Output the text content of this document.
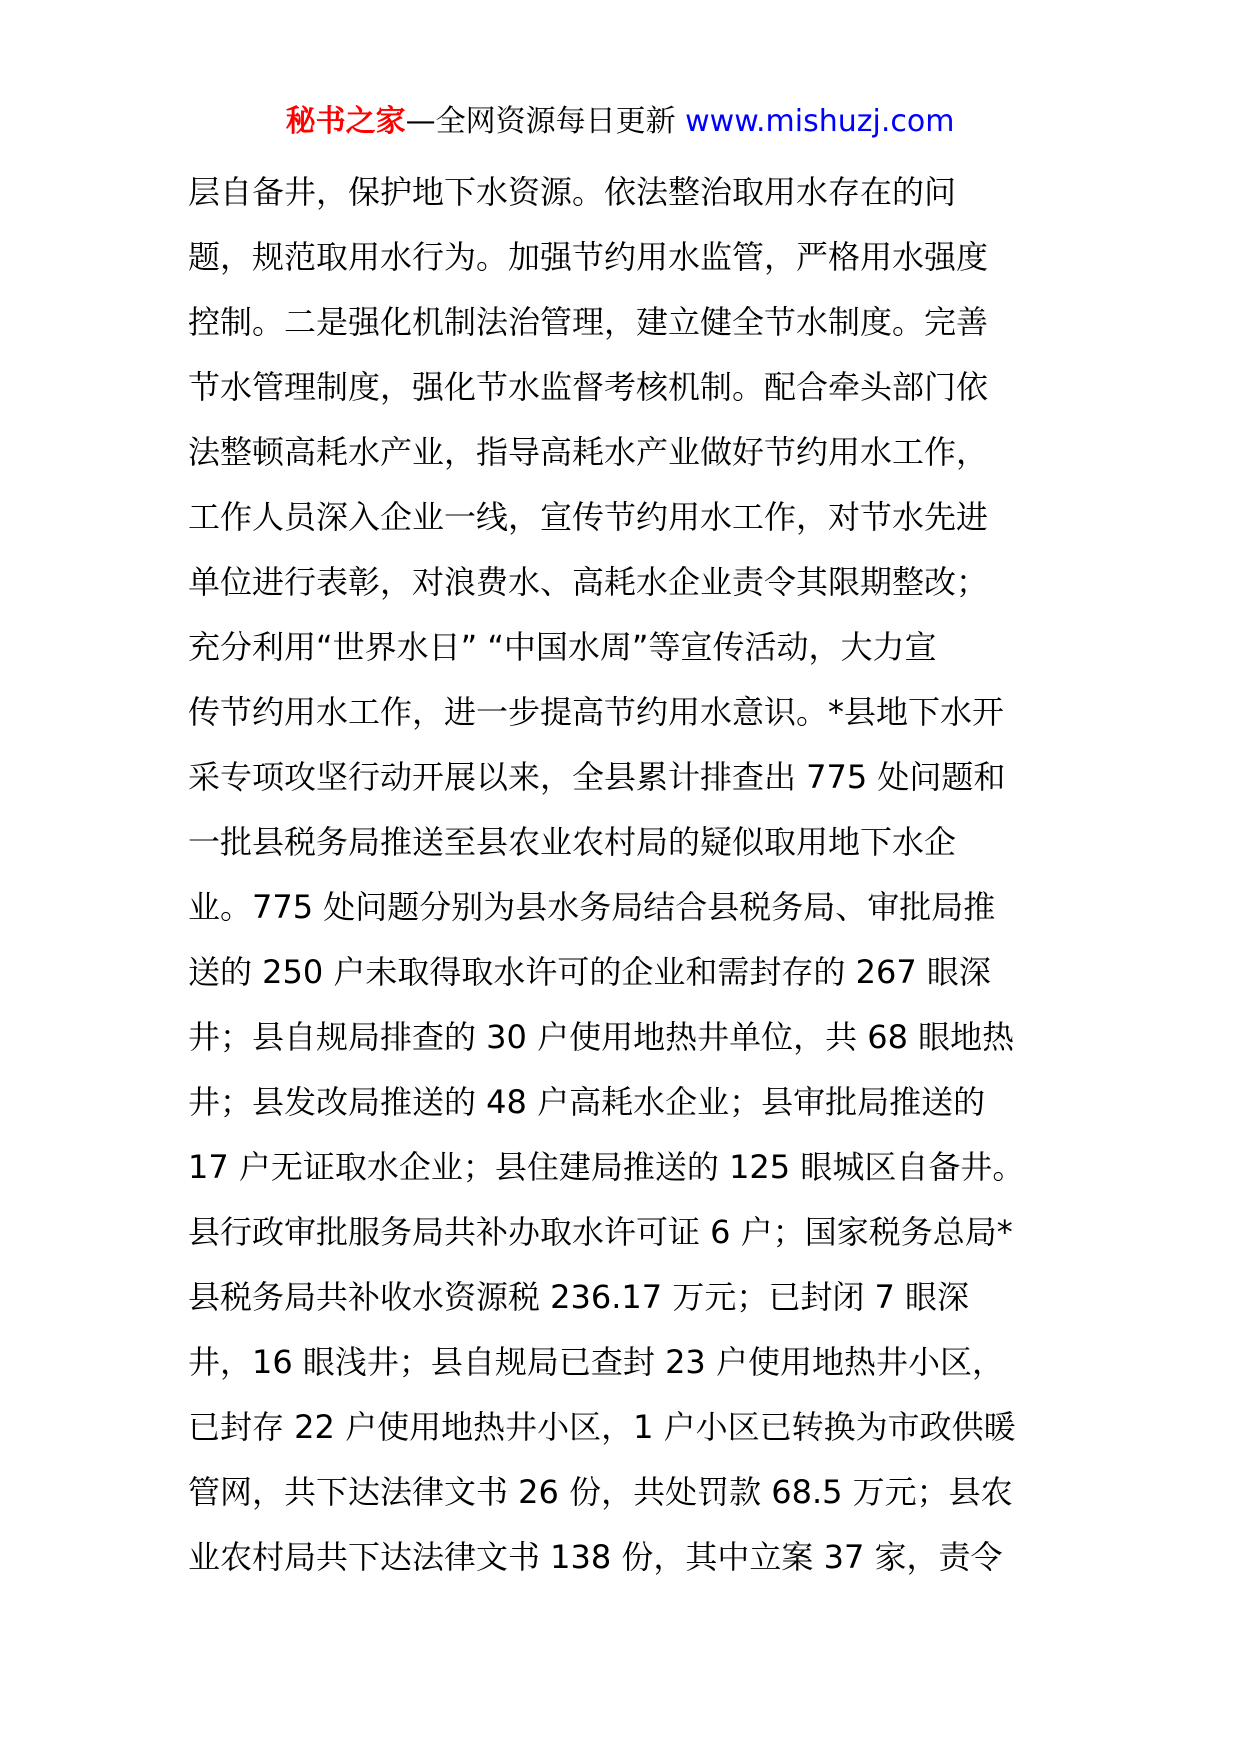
秘书之家—全网资源每日更新 www.mishuzj.com
层自备井，保护地下水资源。依法整治取用水存在的问
题，规范取用水行为。加强节约用水监管，严格用水强度
控制。二是强化机制法治管理，建立健全节水制度。完善
节水管理制度，强化节水监督考核机制。配合牵头部门依
法整顿高耗水产业，指导高耗水产业做好节约用水工作，
工作人员深入企业一线，宣传节约用水工作，对节水先进
单位进行表彰，对浪费水、高耗水企业责令其限期整改；
充分利用“世界水日” “中国水周”等宣传活动，大力宣
传节约用水工作，进一步提高节约用水意识。*县地下水开
采专项攻坚行动开展以来，全县累计排查出 775 处问题和
一批县税务局推送至县农业农村局的疑似取用地下水企
业。775 处问题分别为县水务局结合县税务局、审批局推
送的 250 户未取得取水许可的企业和需封存的 267 眼深
井；县自规局排查的 30 户使用地热井单位，共 68 眼地热
井；县发改局推送的 48 户高耗水企业；县审批局推送的
17 户无证取水企业；县住建局推送的 125 眼城区自备井。
县行政审批服务局共补办取水许可证 6 户；国家税务总局*
县税务局共补收水资源税 236.17 万元；已封闭 7 眼深
井，16 眼浅井；县自规局已查封 23 户使用地热井小区，
已封存 22 户使用地热井小区，1 户小区已转换为市政供暖
管网，共下达法律文书 26 份，共处罚款 68.5 万元；县农
业农村局共下达法律文书 138 份，其中立案 37 家，责令
